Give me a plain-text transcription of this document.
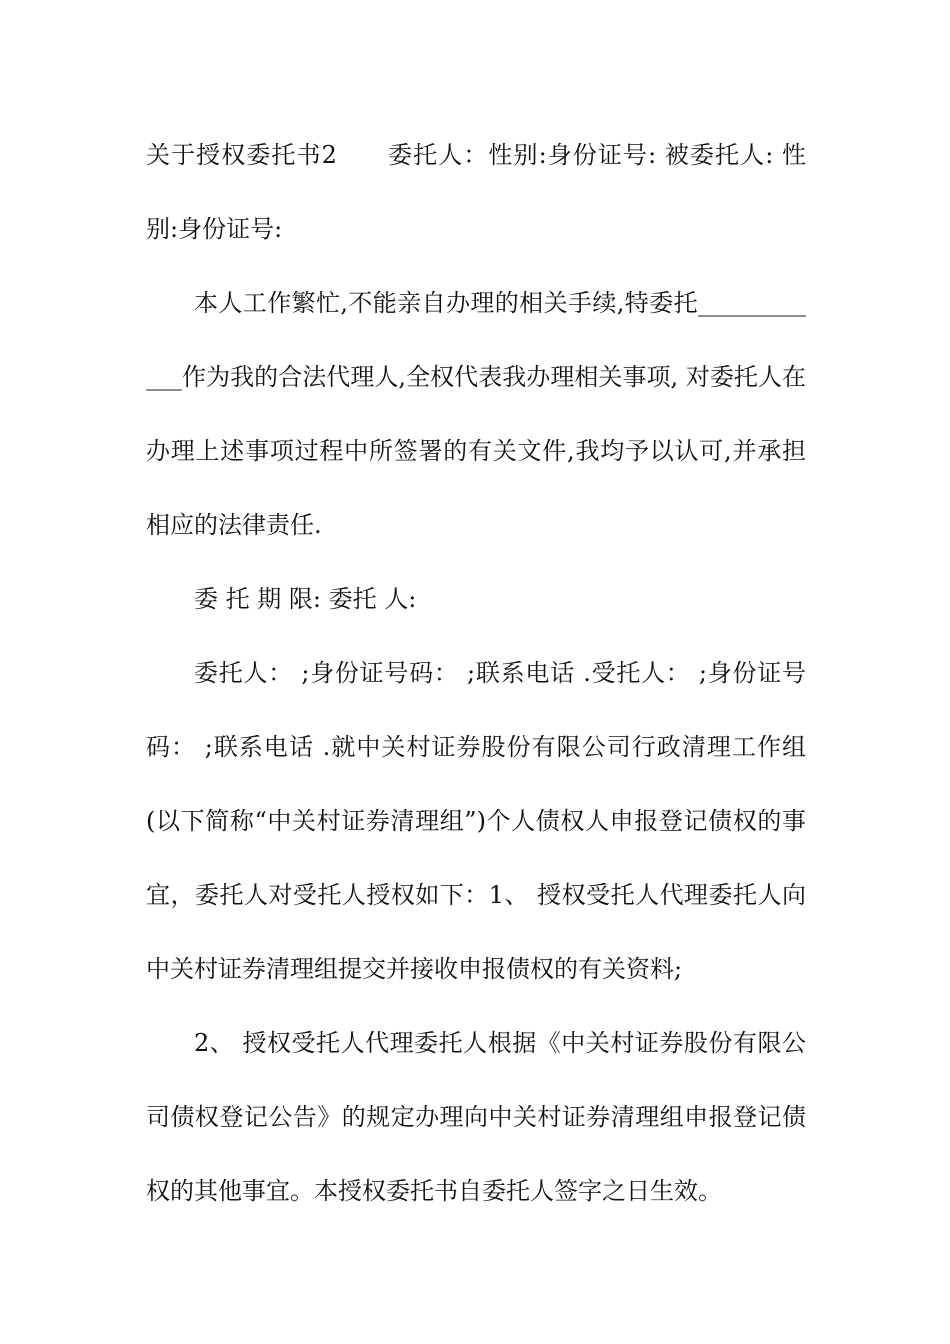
关于授权委托书2　　委托人：性别:身份证号: 被委托人: 性别:身份证号:

本人工作繁忙,不能亲自办理的相关手续,特委托____________作为我的合法代理人,全权代表我办理相关事项, 对委托人在办理上述事项过程中所签署的有关文件,我均予以认可,并承担相应的法律责任.

委 托 期 限: 委托 人:

委托人： ;身份证号码： ;联系电话 .受托人： ;身份证号码： ;联系电话 .就中关村证券股份有限公司行政清理工作组(以下简称“中关村证券清理组”)个人债权人申报登记债权的事宜，委托人对受托人授权如下：1、 授权受托人代理委托人向中关村证券清理组提交并接收申报债权的有关资料;

2、 授权受托人代理委托人根据《中关村证券股份有限公司债权登记公告》的规定办理向中关村证券清理组申报登记债权的其他事宜。本授权委托书自委托人签字之日生效。
